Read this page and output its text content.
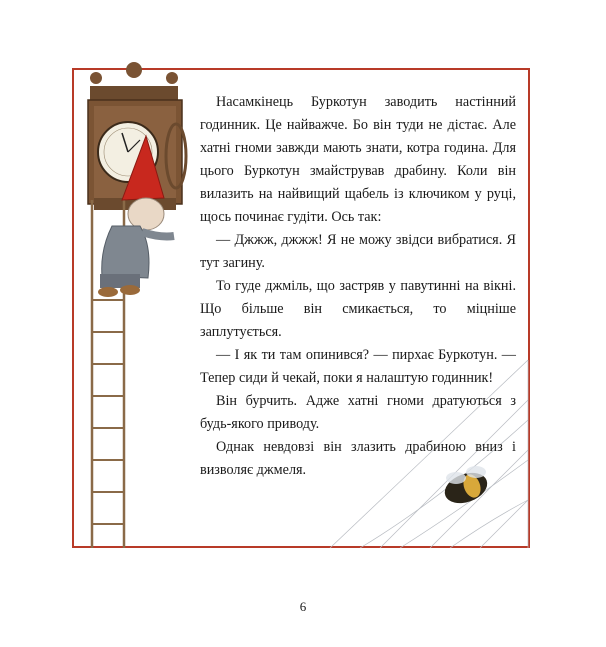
Насамкінець Буркотун заводить настінний годинник. Це найважче. Бо він туди не дістає. Але хатні гноми завжди мають знати, котра година. Для цього Буркотун змайстрував драбину. Коли він вилазить на найвищий щабель із ключиком у руці, щось починає гудіти. Ось так:

— Джжж, джжж! Я не можу звідси вибратися. Я тут загину.

То гуде джміль, що застряв у павутинні на вікні. Що більше він смикається, то міцніше заплутується.

— І як ти там опинився? — пирхає Буркотун. — Тепер сиди й чекай, поки я налаштую годинник!

Він бурчить. Адже хатні гноми дратуються з будь-якого приводу.

Однак невдовзі він злазить драбиною вниз і визволяє джмеля.

6
